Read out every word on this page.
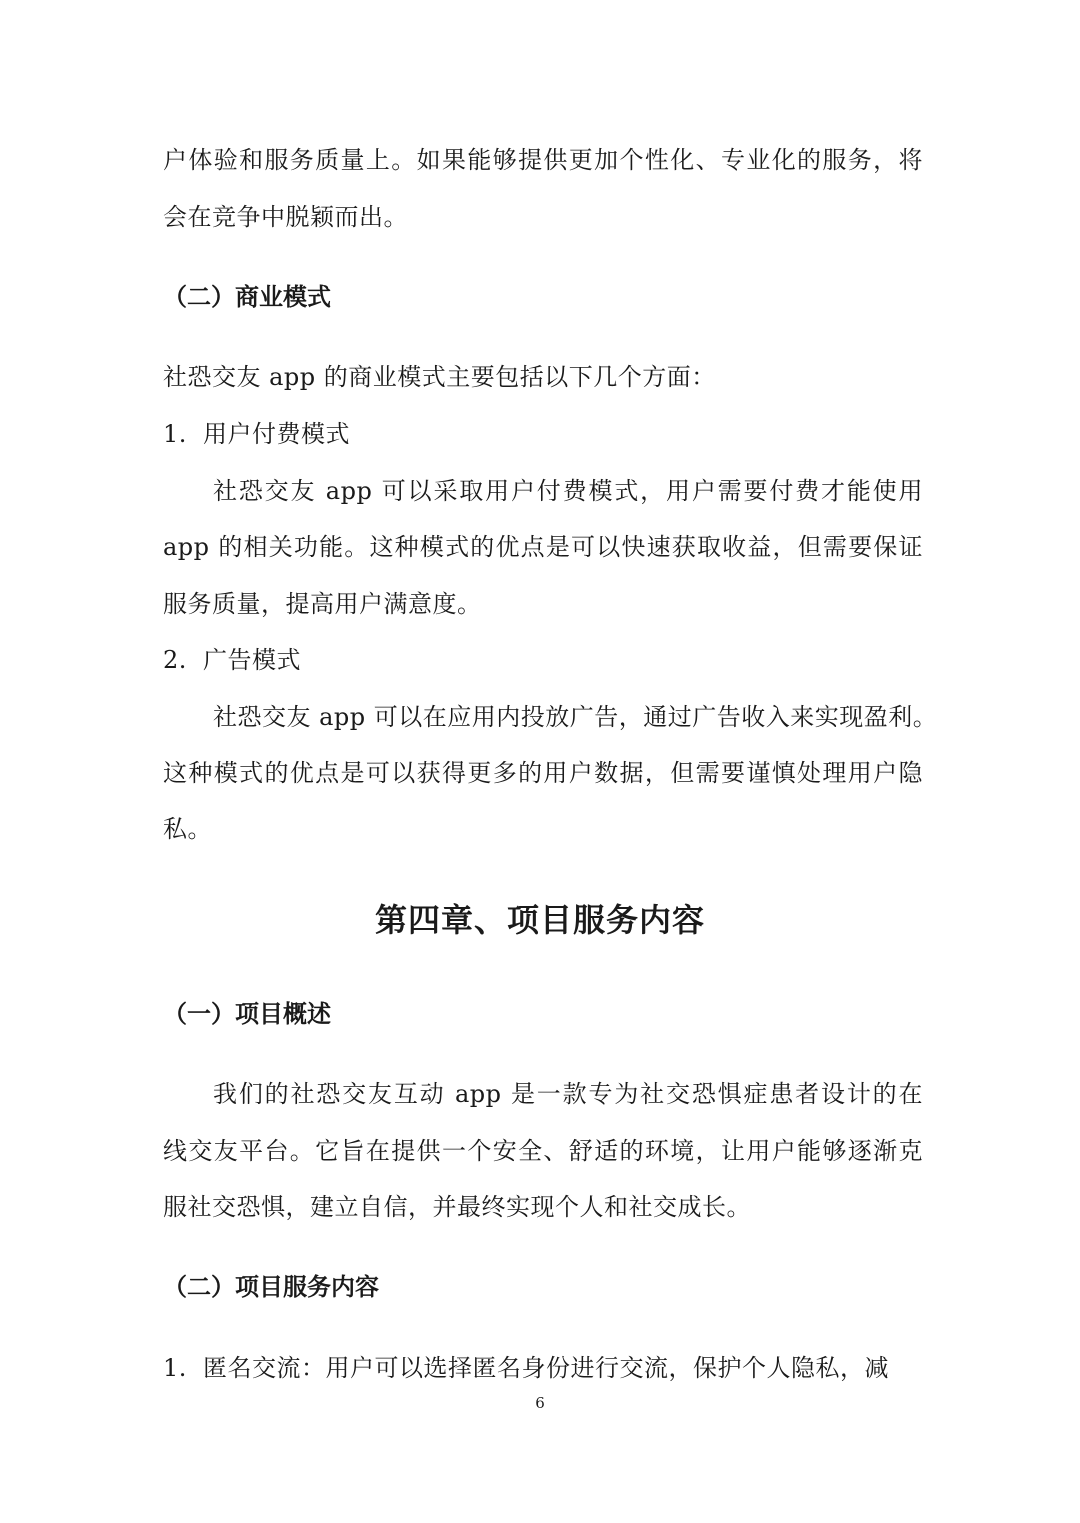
户体验和服务质量上。如果能够提供更加个性化、专业化的服务，将
会在竞争中脱颖而出。
（二）商业模式
社恐交友 app 的商业模式主要包括以下几个方面：
1. 用户付费模式
社恐交友 app 可以采取用户付费模式，用户需要付费才能使用
app 的相关功能。这种模式的优点是可以快速获取收益，但需要保证
服务质量，提高用户满意度。
2. 广告模式
社恐交友 app 可以在应用内投放广告，通过广告收入来实现盈利。
这种模式的优点是可以获得更多的用户数据，但需要谨慎处理用户隐
私。
第四章、项目服务内容
（一）项目概述
我们的社恐交友互动 app 是一款专为社交恐惧症患者设计的在
线交友平台。它旨在提供一个安全、舒适的环境，让用户能够逐渐克
服社交恐惧，建立自信，并最终实现个人和社交成长。
（二）项目服务内容
1. 匿名交流：用户可以选择匿名身份进行交流，保护个人隐私，减
6
